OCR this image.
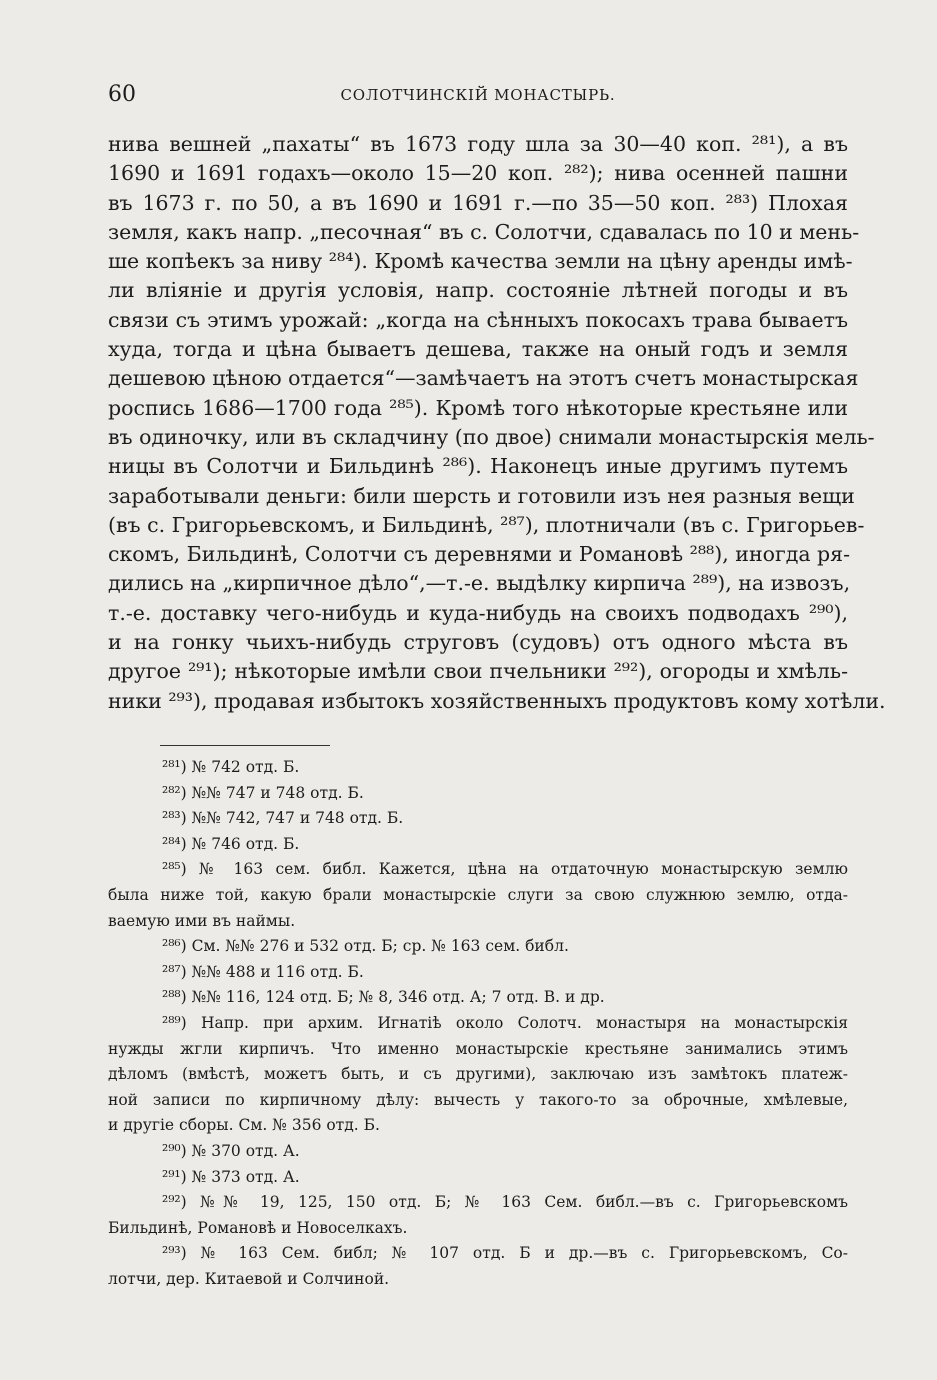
60	СОЛОТЧИНСКІЙ МОНАСТЫРЬ.
нива вешней „пахаты“ въ 1673 году шла за 30—40 коп. ²⁸¹), а въ
1690 и 1691 годахъ—около 15—20 коп. ²⁸²); нива осенней пашни
въ 1673 г. по 50, а въ 1690 и 1691 г.—по 35—50 коп. ²⁸³) Плохая
земля, какъ напр. „песочная“ въ с. Солотчи, сдавалась по 10 и мень-
ше копѣекъ за ниву ²⁸⁴). Кромѣ качества земли на цѣну аренды имѣ-
ли вліяніе и другія условія, напр. состояніе лѣтней погоды и въ
связи съ этимъ урожай: „когда на сѣнныхъ покосахъ трава бываетъ
худа, тогда и цѣна бываетъ дешева, также на оный годъ и земля
дешевою цѣною отдается“—замѣчаетъ на этотъ счетъ монастырская
роспись 1686—1700 года ²⁸⁵). Кромѣ того нѣкоторые крестьяне или
въ одиночку, или въ складчину (по двое) снимали монастырскія мель-
ницы въ Солотчи и Бильдинѣ ²⁸⁶). Наконецъ иные другимъ путемъ
заработывали деньги: били шерсть и готовили изъ нея разныя вещи
(въ с. Григорьевскомъ, и Бильдинѣ, ²⁸⁷), плотничали (въ с. Григорьев-
скомъ, Бильдинѣ, Солотчи съ деревнями и Романовѣ ²⁸⁸), иногда ря-
дились на „кирпичное дѣло“,—т.-е. выдѣлку кирпича ²⁸⁹), на извозъ,
т.-е. доставку чего-нибудь и куда-нибудь на своихъ подводахъ ²⁹⁰),
и на гонку чьихъ-нибудь струговъ (судовъ) отъ одного мѣста въ
другое ²⁹¹); нѣкоторые имѣли свои пчельники ²⁹²), огороды и хмѣль-
ники ²⁹³), продавая избытокъ хозяйственныхъ продуктовъ кому хотѣли.
²⁸¹) № 742 отд. Б.
²⁸²) №№ 747 и 748 отд. Б.
²⁸³) №№ 742, 747 и 748 отд. Б.
²⁸⁴) № 746 отд. Б.
²⁸⁵) № 163 сем. библ. Кажется, цѣна на отдаточную монастырскую землю
была ниже той, какую брали монастырскіе слуги за свою служнюю землю, отда-
ваемую ими въ наймы.
²⁸⁶) См. №№ 276 и 532 отд. Б; ср. № 163 сем. библ.
²⁸⁷) №№ 488 и 116 отд. Б.
²⁸⁸) №№ 116, 124 отд. Б; № 8, 346 отд. А; 7 отд. В. и др.
²⁸⁹) Напр. при архим. Игнатіѣ около Солотч. монастыря на монастырскія
нужды жгли кирпичъ. Что именно монастырскіе крестьяне занимались этимъ
дѣломъ (вмѣстѣ, можетъ быть, и съ другими), заключаю изъ замѣтокъ платеж-
ной записи по кирпичному дѣлу: вычесть у такого-то за оброчные, хмѣлевые,
и другіе сборы. См. № 356 отд. Б.
²⁹⁰) № 370 отд. А.
²⁹¹) № 373 отд. А.
²⁹²) №№ 19, 125, 150 отд. Б; № 163 Сем. библ.—въ с. Григорьевскомъ
Бильдинѣ, Романовѣ и Новоселкахъ.
²⁹³) № 163 Сем. библ; № 107 отд. Б и др.—въ с. Григорьевскомъ, Со-
лотчи, дер. Китаевой и Солчиной.
